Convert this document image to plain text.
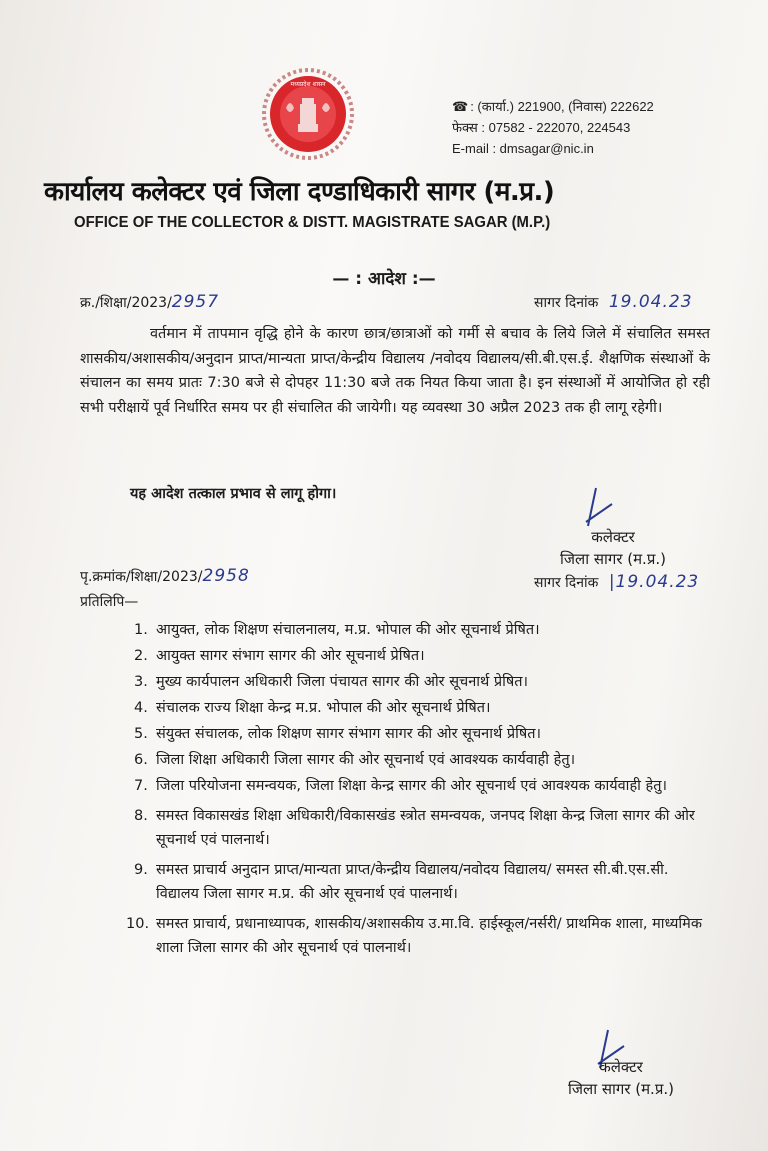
मध्यप्रदेश शासन
☎ : (कार्या.) 221900, (निवास) 222622
फेक्स : 07582 - 222070, 224543
E-mail : dmsagar@nic.in
कार्यालय कलेक्टर एवं जिला दण्डाधिकारी सागर (म.प्र.)
OFFICE OF THE COLLECTOR & DISTT. MAGISTRATE SAGAR (M.P.)
— : आदेश :—
क्र./शिक्षा/2023/2957	सागर दिनांक 19.04.23

वर्तमान में तापमान वृद्धि होने के कारण छात्र/छात्राओं को गर्मी से बचाव के लिये जिले में संचालित समस्त शासकीय/अशासकीय/अनुदान प्राप्त/मान्यता प्राप्त/केन्द्रीय विद्यालय /नवोदय विद्यालय/सी.बी.एस.ई. शैक्षणिक संस्थाओं के संचालन का समय प्रातः 7:30 बजे से दोपहर 11:30 बजे तक नियत किया जाता है। इन संस्थाओं में आयोजित हो रही सभी परीक्षायें पूर्व निर्धारित समय पर ही संचालित की जायेगी। यह व्यवस्था 30 अप्रैल 2023 तक ही लागू रहेगी।

यह आदेश तत्काल प्रभाव से लागू होगा।
कलेक्टर
जिला सागर (म.प्र.)
पृ.क्रमांक/शिक्षा/2023/2958	सागर दिनांक |19.04.23
प्रतिलिपि—
1. आयुक्त, लोक शिक्षण संचालनालय, म.प्र. भोपाल की ओर सूचनार्थ प्रेषित।
2. आयुक्त सागर संभाग सागर की ओर सूचनार्थ प्रेषित।
3. मुख्य कार्यपालन अधिकारी जिला पंचायत सागर की ओर सूचनार्थ प्रेषित।
4. संचालक राज्य शिक्षा केन्द्र म.प्र. भोपाल की ओर सूचनार्थ प्रेषित।
5. संयुक्त संचालक, लोक शिक्षण सागर संभाग सागर की ओर सूचनार्थ प्रेषित।
6. जिला शिक्षा अधिकारी जिला सागर की ओर सूचनार्थ एवं आवश्यक कार्यवाही हेतु।
7. जिला परियोजना समन्वयक, जिला शिक्षा केन्द्र सागर की ओर सूचनार्थ एवं आवश्यक कार्यवाही हेतु।
8. समस्त विकासखंड शिक्षा अधिकारी/विकासखंड स्त्रोत समन्वयक, जनपद शिक्षा केन्द्र जिला सागर की ओर सूचनार्थ एवं पालनार्थ।
9. समस्त प्राचार्य अनुदान प्राप्त/मान्यता प्राप्त/केन्द्रीय विद्यालय/नवोदय विद्यालय/ समस्त सी.बी.एस.सी. विद्यालय जिला सागर म.प्र. की ओर सूचनार्थ एवं पालनार्थ।
10. समस्त प्राचार्य, प्रधानाध्यापक, शासकीय/अशासकीय उ.मा.वि. हाईस्कूल/नर्सरी/ प्राथमिक शाला, माध्यमिक शाला जिला सागर की ओर सूचनार्थ एवं पालनार्थ।
कलेक्टर
जिला सागर (म.प्र.)
